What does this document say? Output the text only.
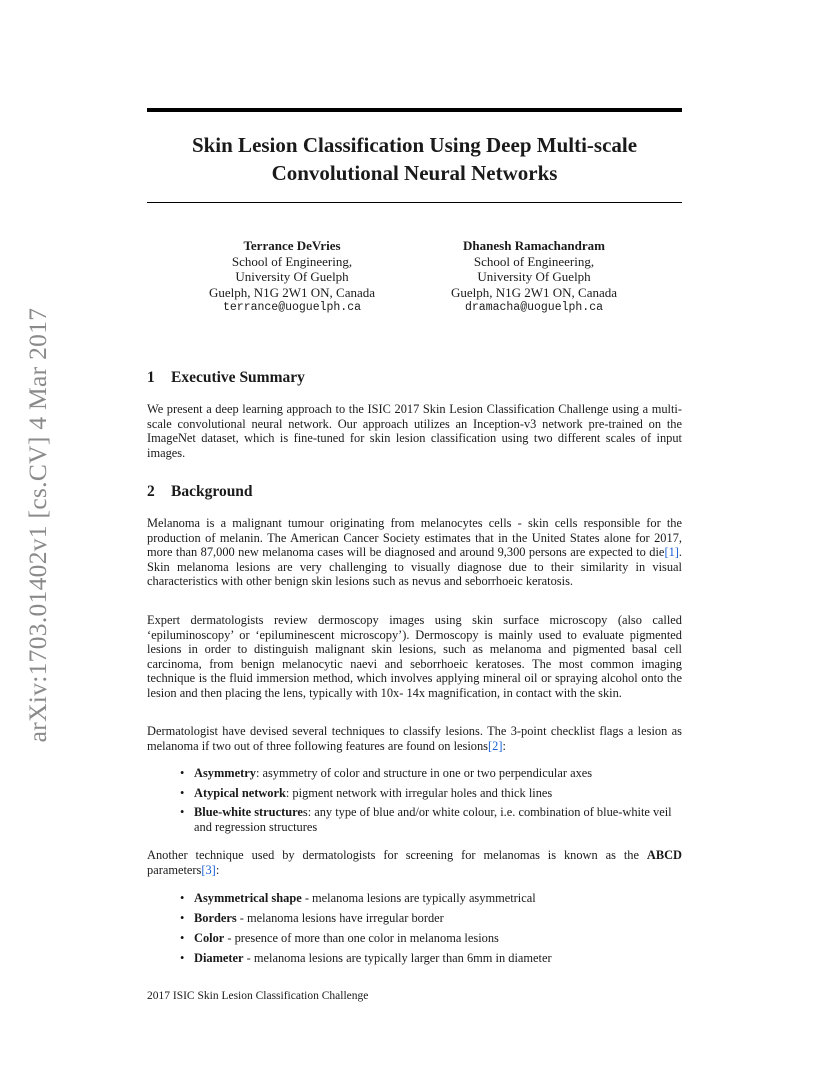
arXiv:1703.01402v1 [cs.CV] 4 Mar 2017
Skin Lesion Classification Using Deep Multi-scale
Convolutional Neural Networks
Terrance DeVries
School of Engineering,
University Of Guelph
Guelph, N1G 2W1 ON, Canada
terrance@uoguelph.ca
Dhanesh Ramachandram
School of Engineering,
University Of Guelph
Guelph, N1G 2W1 ON, Canada
dramacha@uoguelph.ca
1 Executive Summary

We present a deep learning approach to the ISIC 2017 Skin Lesion Classification Challenge using a multi-scale convolutional neural network. Our approach utilizes an Inception-v3 network pre-trained on the ImageNet dataset, which is fine-tuned for skin lesion classification using two different scales of input images.

2 Background

Melanoma is a malignant tumour originating from melanocytes cells - skin cells responsible for the production of melanin. The American Cancer Society estimates that in the United States alone for 2017, more than 87,000 new melanoma cases will be diagnosed and around 9,300 persons are expected to die[1]. Skin melanoma lesions are very challenging to visually diagnose due to their similarity in visual characteristics with other benign skin lesions such as nevus and seborrhoeic keratosis.

Expert dermatologists review dermoscopy images using skin surface microscopy (also called ‘epiluminoscopy’ or ‘epiluminescent microscopy’). Dermoscopy is mainly used to evaluate pigmented lesions in order to distinguish malignant skin lesions, such as melanoma and pigmented basal cell carcinoma, from benign melanocytic naevi and seborrhoeic keratoses. The most common imaging technique is the fluid immersion method, which involves applying mineral oil or spraying alcohol onto the lesion and then placing the lens, typically with 10x- 14x magnification, in contact with the skin.

Dermatologist have devised several techniques to classify lesions. The 3-point checklist flags a lesion as melanoma if two out of three following features are found on lesions[2]:

• Asymmetry: asymmetry of color and structure in one or two perpendicular axes
• Atypical network: pigment network with irregular holes and thick lines
• Blue-white structures: any type of blue and/or white colour, i.e. combination of blue-white veil and regression structures

Another technique used by dermatologists for screening for melanomas is known as the ABCD parameters[3]:

• Asymmetrical shape - melanoma lesions are typically asymmetrical
• Borders - melanoma lesions have irregular border
• Color - presence of more than one color in melanoma lesions
• Diameter - melanoma lesions are typically larger than 6mm in diameter

2017 ISIC Skin Lesion Classification Challenge
